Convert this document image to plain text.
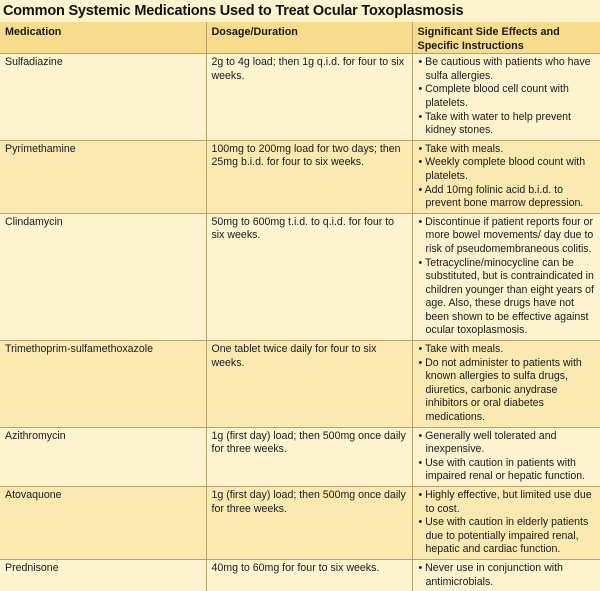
Common Systemic Medications Used to Treat Ocular Toxoplasmosis
Medication	Dosage/Duration	Significant Side Effects and Specific Instructions
Sulfadiazine	2g to 4g load; then 1g q.i.d. for four to six weeks.	• Be cautious with patients who have sulfa allergies.
• Complete blood cell count with platelets.
• Take with water to help prevent kidney stones.

Pyrimethamine	100mg to 200mg load for two days; then 25mg b.i.d. for four to six weeks.	• Take with meals.
• Weekly complete blood count with platelets.
• Add 10mg folinic acid b.i.d. to prevent bone marrow depression.

Clindamycin	50mg to 600mg t.i.d. to q.i.d. for four to six weeks.	• Discontinue if patient reports four or more bowel movements/ day due to risk of pseudomembraneous colitis.
• Tetracycline/minocycline can be substituted, but is contraindicated in children younger than eight years of age. Also, these drugs have not been shown to be effective against ocular toxoplasmosis.

Trimethoprim-sulfamethoxazole	One tablet twice daily for four to six weeks.	• Take with meals.
• Do not administer to patients with known allergies to sulfa drugs, diuretics, carbonic anydrase inhibitors or oral diabetes medications.

Azithromycin	1g (first day) load; then 500mg once daily for three weeks.	• Generally well tolerated and inexpensive.
• Use with caution in patients with impaired renal or hepatic function.

Atovaquone	1g (first day) load; then 500mg once daily for three weeks.	• Highly effective, but limited use due to cost.
• Use with caution in elderly patients due to potentially impaired renal, hepatic and cardiac function.

Prednisone	40mg to 60mg for four to six weeks.	• Never use in conjunction with antimicrobials.
